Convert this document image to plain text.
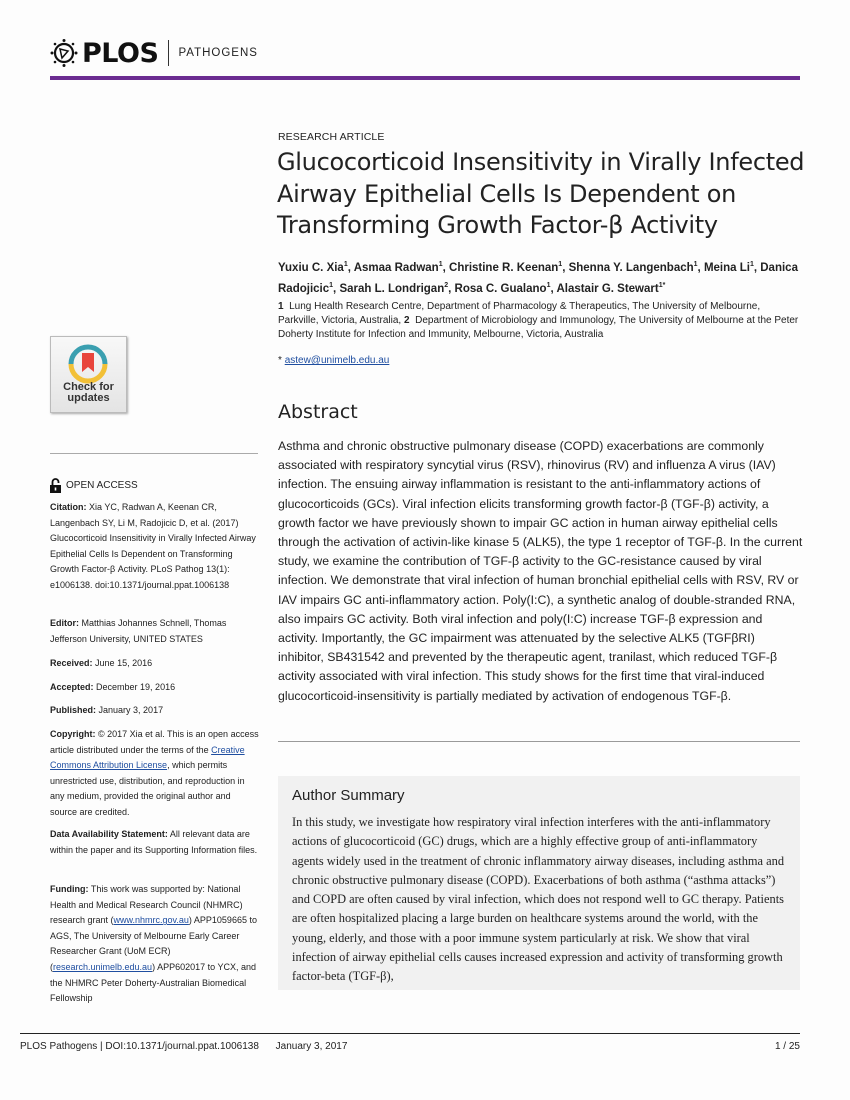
PLOS PATHOGENS
RESEARCH ARTICLE
Glucocorticoid Insensitivity in Virally Infected Airway Epithelial Cells Is Dependent on Transforming Growth Factor-β Activity
Yuxiu C. Xia$^1$, Asmaa Radwan$^1$, Christine R. Keenan$^1$, Shenna Y. Langenbach$^1$, Meina Li$^1$, Danica Radojicic$^1$, Sarah L. Londrigan$^2$, Rosa C. Gualano$^1$, Alastair G. Stewart$^{1*}$
1 Lung Health Research Centre, Department of Pharmacology & Therapeutics, The University of Melbourne, Parkville, Victoria, Australia, 2 Department of Microbiology and Immunology, The University of Melbourne at the Peter Doherty Institute for Infection and Immunity, Melbourne, Victoria, Australia
* astew@unimelb.edu.au
Abstract
Asthma and chronic obstructive pulmonary disease (COPD) exacerbations are commonly associated with respiratory syncytial virus (RSV), rhinovirus (RV) and influenza A virus (IAV) infection. The ensuing airway inflammation is resistant to the anti-inflammatory actions of glucocorticoids (GCs). Viral infection elicits transforming growth factor-β (TGF-β) activity, a growth factor we have previously shown to impair GC action in human airway epithelial cells through the activation of activin-like kinase 5 (ALK5), the type 1 receptor of TGF-β. In the current study, we examine the contribution of TGF-β activity to the GC-resistance caused by viral infection. We demonstrate that viral infection of human bronchial epithelial cells with RSV, RV or IAV impairs GC anti-inflammatory action. Poly(I:C), a synthetic analog of double-stranded RNA, also impairs GC activity. Both viral infection and poly(I:C) increase TGF-β expression and activity. Importantly, the GC impairment was attenuated by the selective ALK5 (TGFβRI) inhibitor, SB431542 and prevented by the therapeutic agent, tranilast, which reduced TGF-β activity associated with viral infection. This study shows for the first time that viral-induced glucocorticoid-insensitivity is partially mediated by activation of endogenous TGF-β.
Author Summary
In this study, we investigate how respiratory viral infection interferes with the anti-inflammatory actions of glucocorticoid (GC) drugs, which are a highly effective group of anti-inflammatory agents widely used in the treatment of chronic inflammatory airway diseases, including asthma and chronic obstructive pulmonary disease (COPD). Exacerbations of both asthma (“asthma attacks”) and COPD are often caused by viral infection, which does not respond well to GC therapy. Patients are often hospitalized placing a large burden on healthcare systems around the world, with the young, elderly, and those with a poor immune system particularly at risk. We show that viral infection of airway epithelial cells causes increased expression and activity of transforming growth factor-beta (TGF-β),
Check for
updates
OPEN ACCESS
Citation: Xia YC, Radwan A, Keenan CR, Langenbach SY, Li M, Radojicic D, et al. (2017) Glucocorticoid Insensitivity in Virally Infected Airway Epithelial Cells Is Dependent on Transforming Growth Factor-β Activity. PLoS Pathog 13(1): e1006138. doi:10.1371/journal.ppat.1006138
Editor: Matthias Johannes Schnell, Thomas Jefferson University, UNITED STATES
Received: June 15, 2016
Accepted: December 19, 2016
Published: January 3, 2017
Copyright: © 2017 Xia et al. This is an open access article distributed under the terms of the Creative Commons Attribution License, which permits unrestricted use, distribution, and reproduction in any medium, provided the original author and source are credited.
Data Availability Statement: All relevant data are within the paper and its Supporting Information files.
Funding: This work was supported by: National Health and Medical Research Council (NHMRC) research grant (www.nhmrc.gov.au) APP1059665 to AGS, The University of Melbourne Early Career Researcher Grant (UoM ECR) (research.unimelb.edu.au) APP602017 to YCX, and the NHMRC Peter Doherty-Australian Biomedical Fellowship
PLOS Pathogens | DOI:10.1371/journal.ppat.1006138 January 3, 2017	1 / 25
